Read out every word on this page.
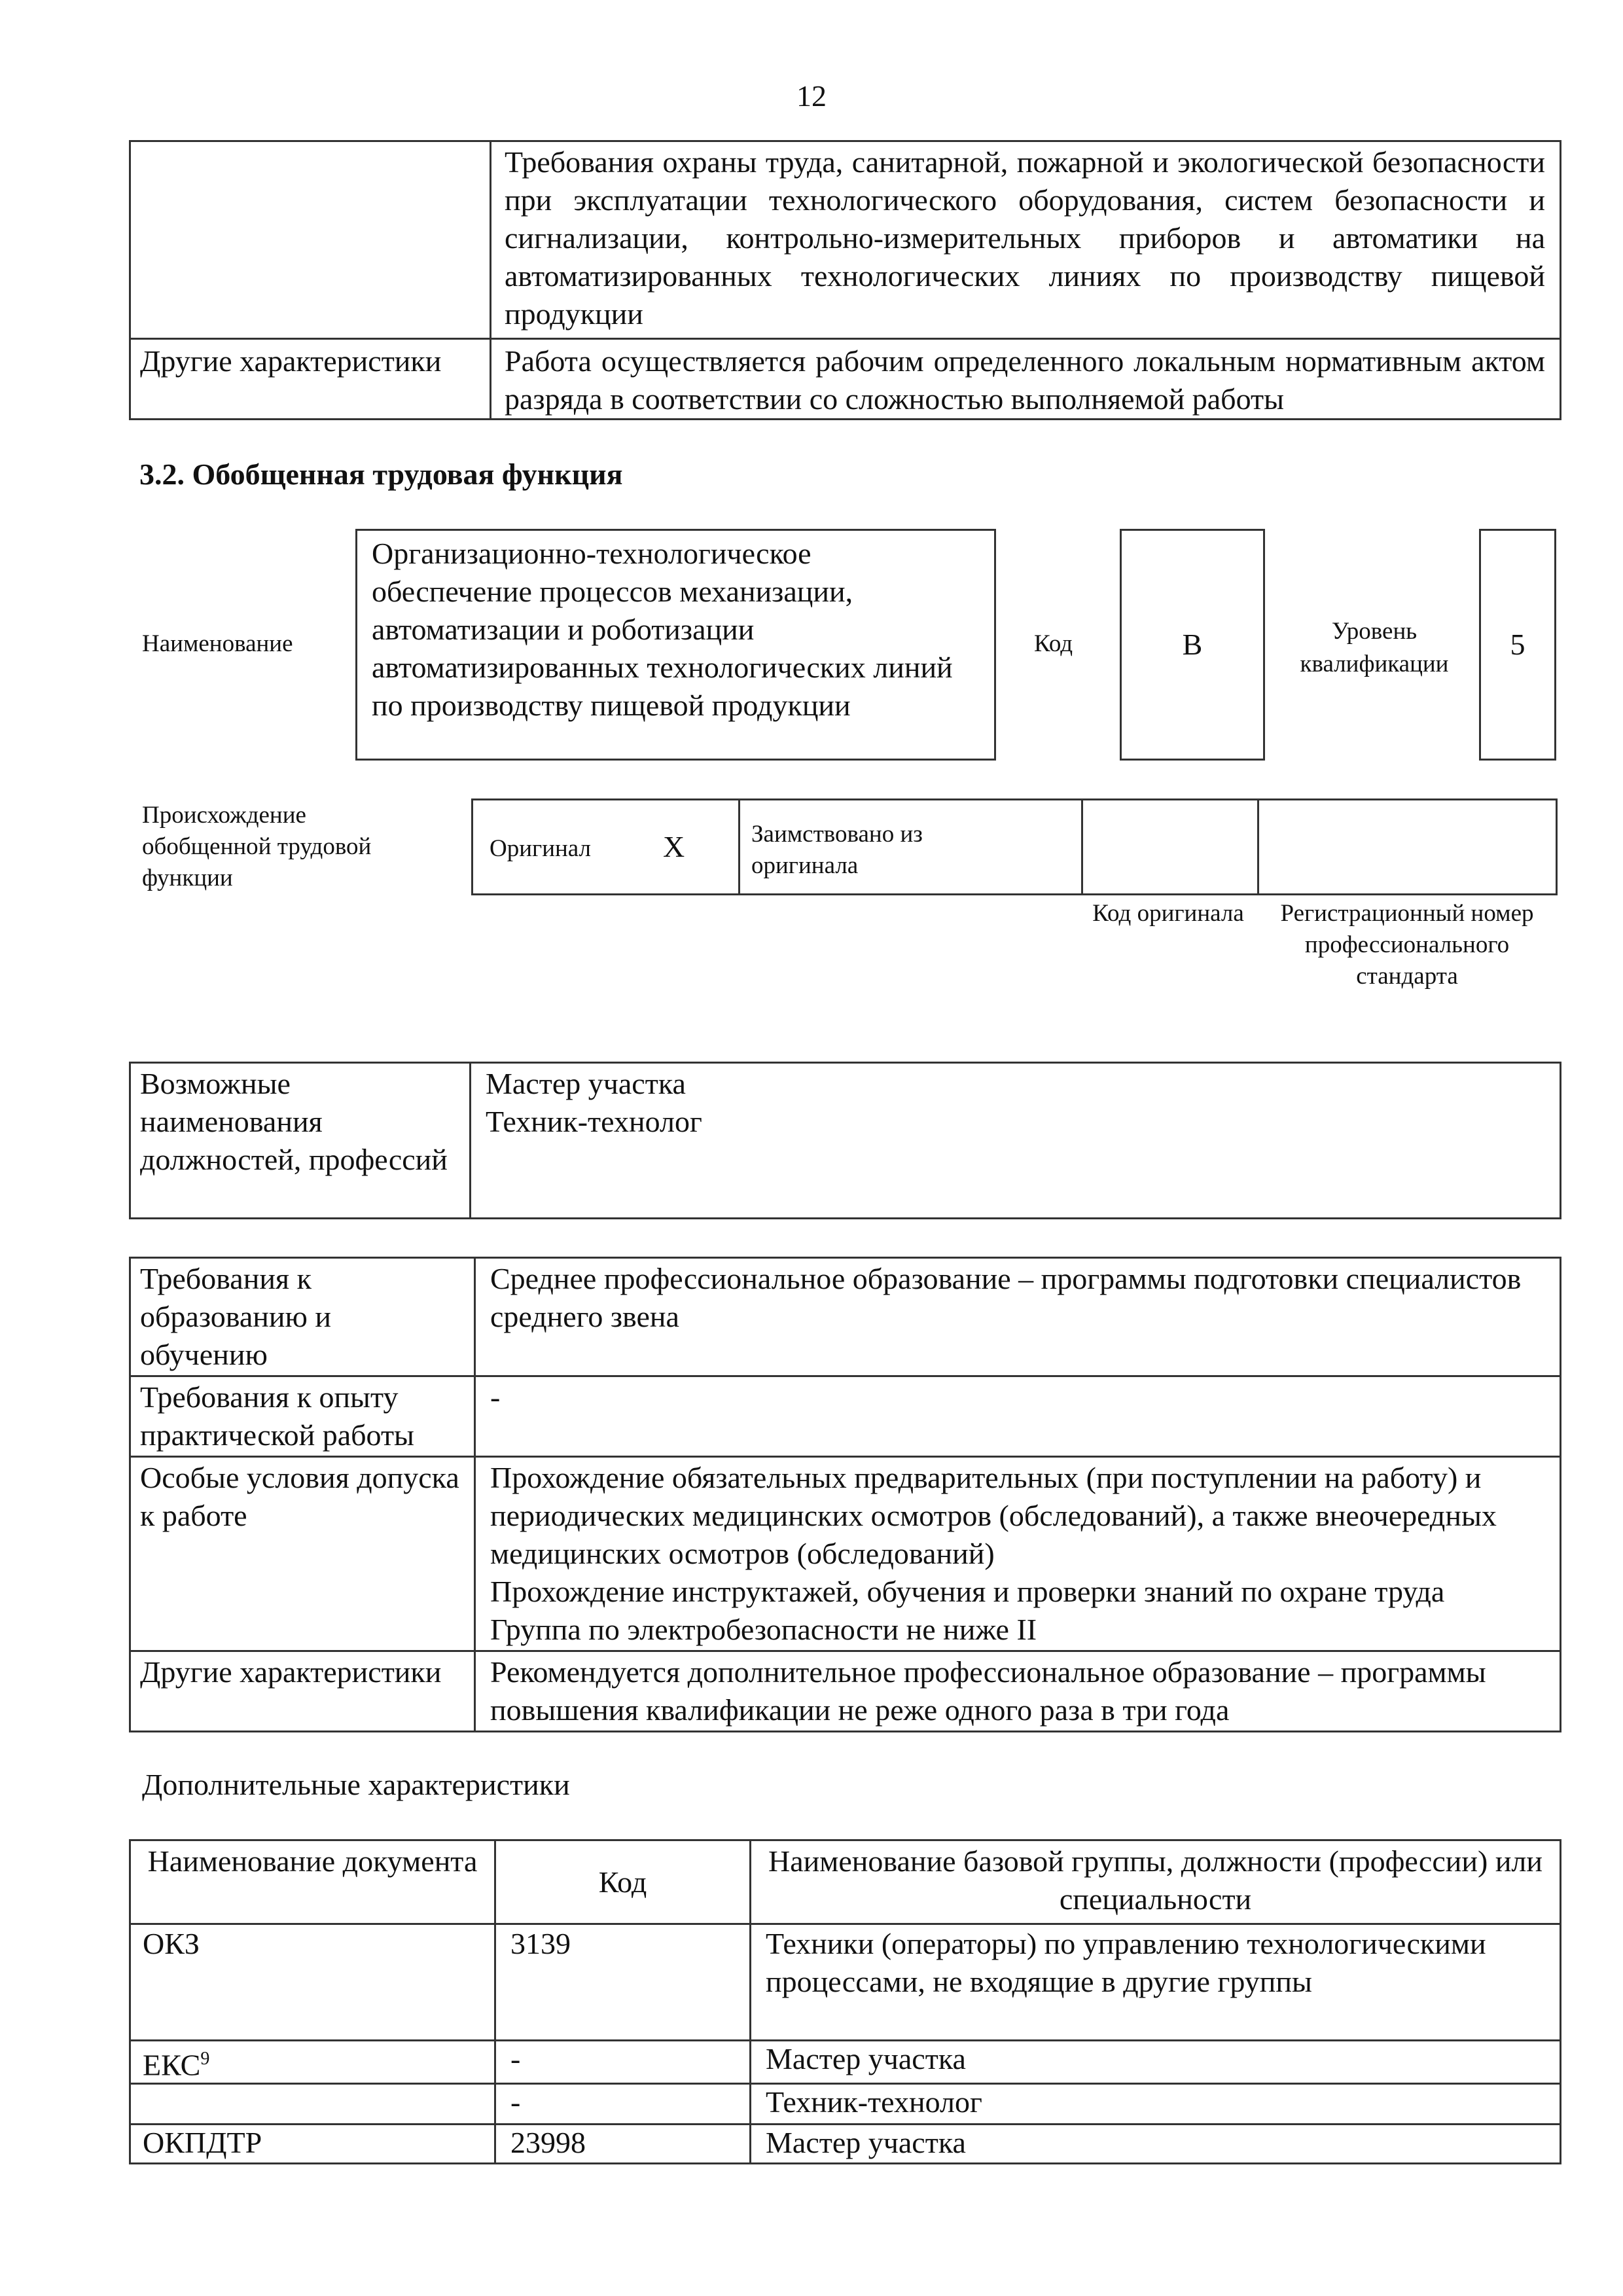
12
	Требования охраны труда, санитарной, пожарной и экологической безопасности при эксплуатации технологического оборудования, систем безопасности и сигнализации, контрольно-измерительных приборов и автоматики на автоматизированных технологических линиях по производству пищевой продукции
Другие характеристики	Работа осуществляется рабочим определенного локальным нормативным актом разряда в соответствии со сложностью выполняемой работы
3.2. Обобщенная трудовая функция
Наименование
Организационно-технологическое обеспечение процессов механизации, автоматизации и роботизации автоматизированных технологических линий по производству пищевой продукции
Код	B	Уровень квалификации
5
Происхождение обобщенной трудовой функции
Оригинал X	Заимствовано из оригинала
Код оригинала	Регистрационный номер профессионального стандарта
Возможные наименования должностей, профессий	
Мастер участка
Техник-технолог
Требования к образованию и обучению	Среднее профессиональное образование – программы подготовки специалистов среднего звена
Требования к опыту практической работы	-
Особые условия допуска к работе	Прохождение обязательных предварительных (при поступлении на работу) и периодических медицинских осмотров (обследований), а также внеочередных медицинских осмотров (обследований)
Прохождение инструктажей, обучения и проверки знаний по охране труда
Группа по электробезопасности не ниже II

Другие характеристики	Рекомендуется дополнительное профессиональное образование – программы повышения квалификации не реже одного раза в три года
Дополнительные характеристики
Наименование документа	Код	Наименование базовой группы, должности (профессии) или специальности
ОКЗ	3139	Техники (операторы) по управлению технологическими процессами, не входящие в другие группы
ЕКС$^9$	-	Мастер участка
	-	Техник-технолог
ОКПДТР	23998	Мастер участка
